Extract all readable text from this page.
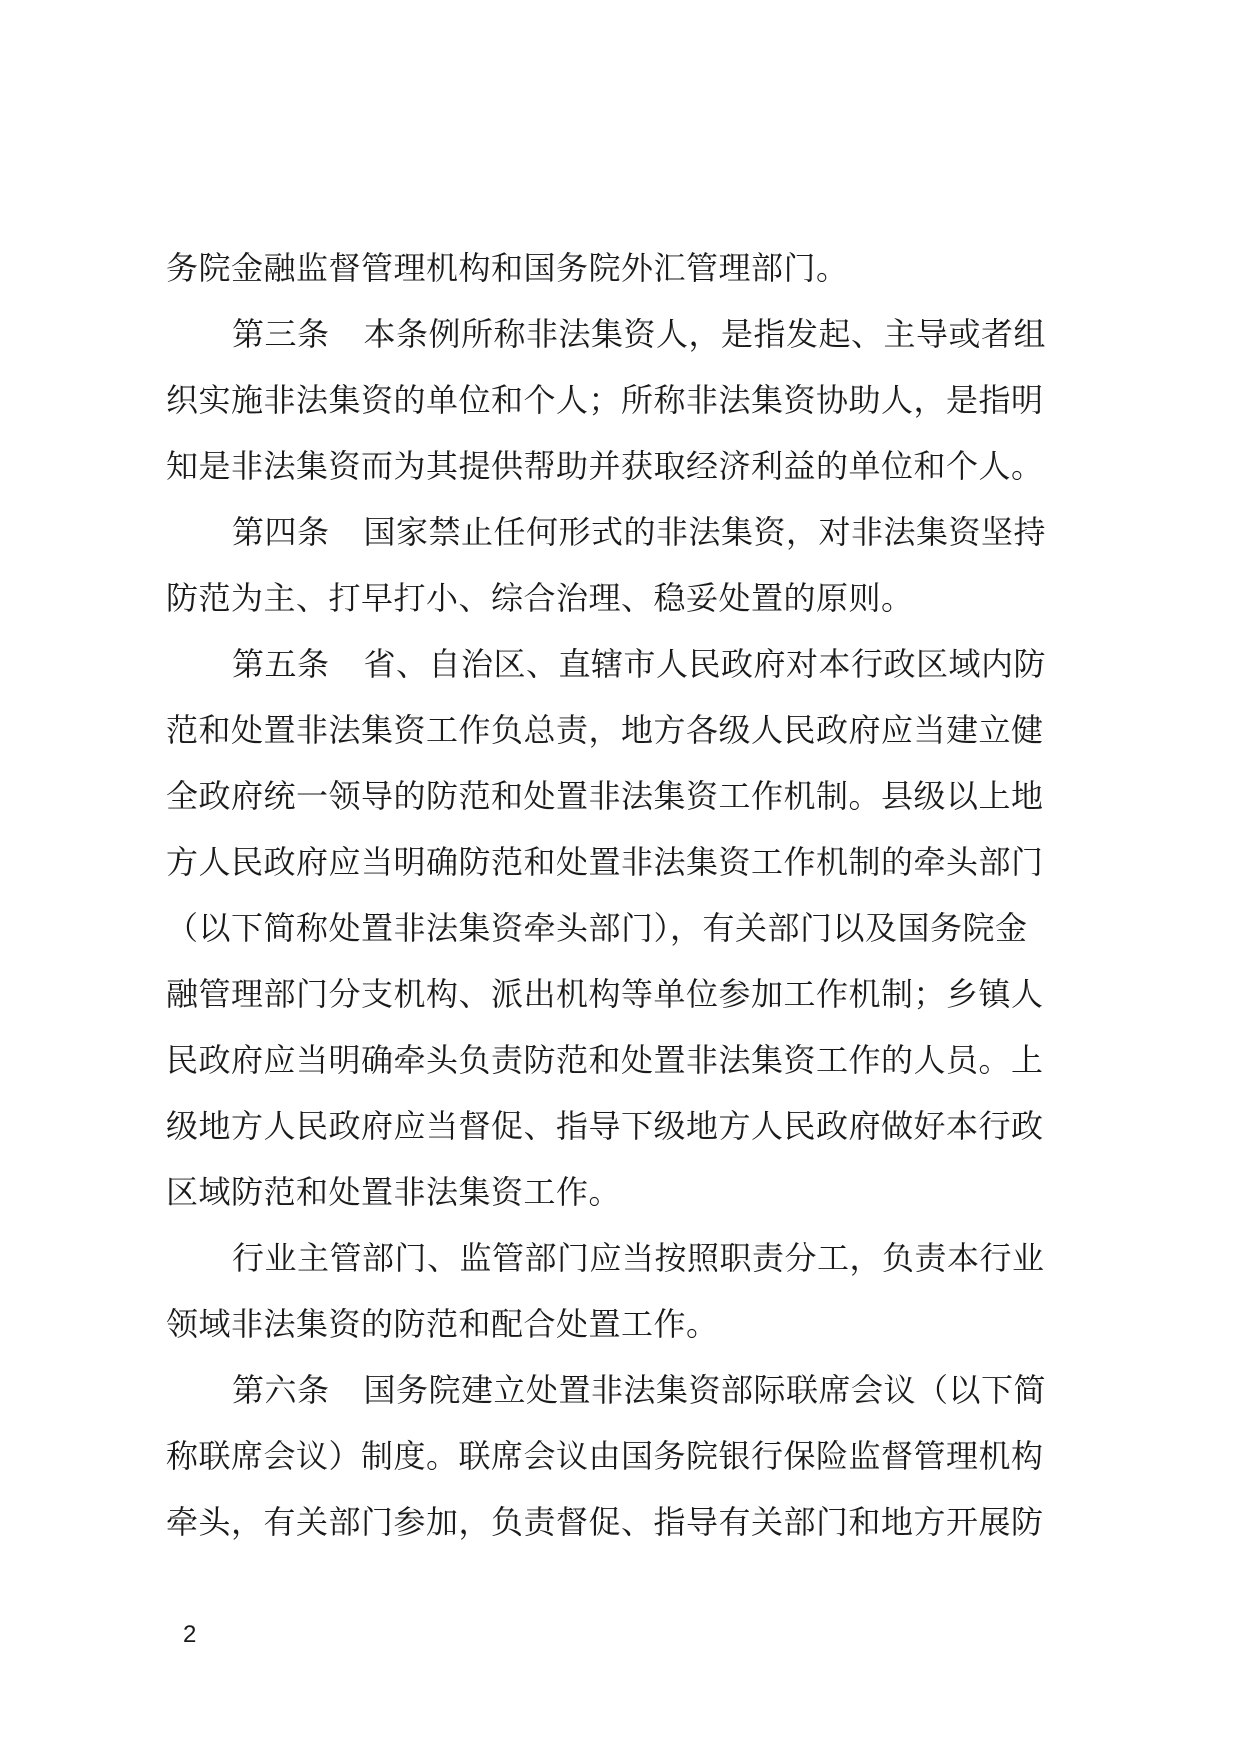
务院金融监督管理机构和国务院外汇管理部门。
第三条 本条例所称非法集资人，是指发起、主导或者组
织实施非法集资的单位和个人；所称非法集资协助人，是指明
知是非法集资而为其提供帮助并获取经济利益的单位和个人。
第四条 国家禁止任何形式的非法集资，对非法集资坚持
防范为主、打早打小、综合治理、稳妥处置的原则。
第五条 省、自治区、直辖市人民政府对本行政区域内防
范和处置非法集资工作负总责，地方各级人民政府应当建立健
全政府统一领导的防范和处置非法集资工作机制。县级以上地
方人民政府应当明确防范和处置非法集资工作机制的牵头部门
（以下简称处置非法集资牵头部门），有关部门以及国务院金
融管理部门分支机构、派出机构等单位参加工作机制；乡镇人
民政府应当明确牵头负责防范和处置非法集资工作的人员。上
级地方人民政府应当督促、指导下级地方人民政府做好本行政
区域防范和处置非法集资工作。
行业主管部门、监管部门应当按照职责分工，负责本行业
领域非法集资的防范和配合处置工作。
第六条 国务院建立处置非法集资部际联席会议（以下简
称联席会议）制度。联席会议由国务院银行保险监督管理机构
牵头，有关部门参加，负责督促、指导有关部门和地方开展防
2
